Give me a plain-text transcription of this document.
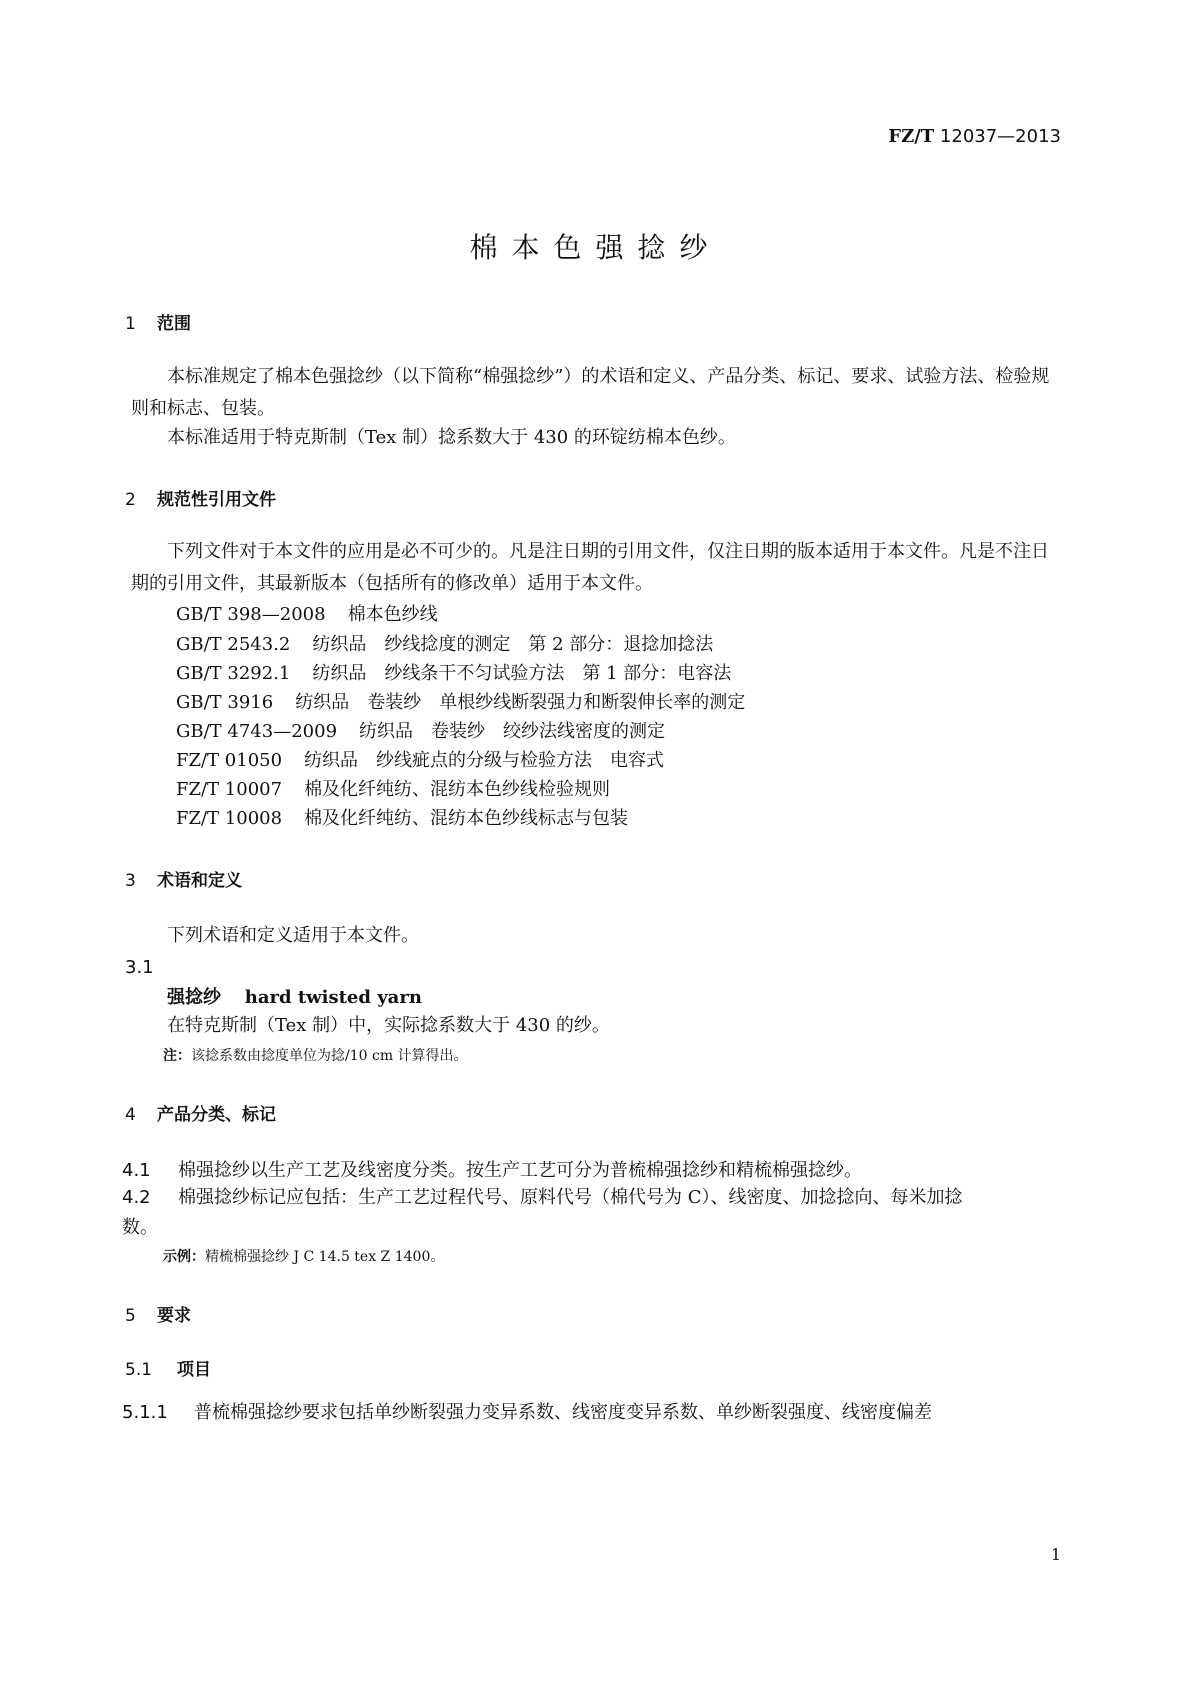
FZ/T 12037—2013
棉本色强捻纱
1 范围
本标准规定了棉本色强捻纱（以下简称“棉强捻纱”）的术语和定义、产品分类、标记、要求、试验方法、检验规则和标志、包装。
本标准适用于特克斯制（Tex 制）捻系数大于 430 的环锭纺棉本色纱。
2 规范性引用文件
下列文件对于本文件的应用是必不可少的。凡是注日期的引用文件，仅注日期的版本适用于本文件。凡是不注日期的引用文件，其最新版本（包括所有的修改单）适用于本文件。
GB/T 398—2008 棉本色纱线
GB/T 2543.2 纺织品　纱线捻度的测定　第 2 部分：退捻加捻法
GB/T 3292.1 纺织品　纱线条干不匀试验方法　第 1 部分：电容法
GB/T 3916 纺织品　卷装纱　单根纱线断裂强力和断裂伸长率的测定
GB/T 4743—2009 纺织品　卷装纱　绞纱法线密度的测定
FZ/T 01050 纺织品　纱线疵点的分级与检验方法　电容式
FZ/T 10007 棉及化纤纯纺、混纺本色纱线检验规则
FZ/T 10008 棉及化纤纯纺、混纺本色纱线标志与包装
3 术语和定义
下列术语和定义适用于本文件。
3.1
强捻纱 hard twisted yarn
在特克斯制（Tex 制）中，实际捻系数大于 430 的纱。
注：该捻系数由捻度单位为捻/10 cm 计算得出。
4 产品分类、标记
4.1 棉强捻纱以生产工艺及线密度分类。按生产工艺可分为普梳棉强捻纱和精梳棉强捻纱。
4.2 棉强捻纱标记应包括：生产工艺过程代号、原料代号（棉代号为 C）、线密度、加捻捻向、每米加捻数。
示例：精梳棉强捻纱 J C 14.5 tex Z 1400。
5 要求
5.1 项目
5.1.1 普梳棉强捻纱要求包括单纱断裂强力变异系数、线密度变异系数、单纱断裂强度、线密度偏差
1
